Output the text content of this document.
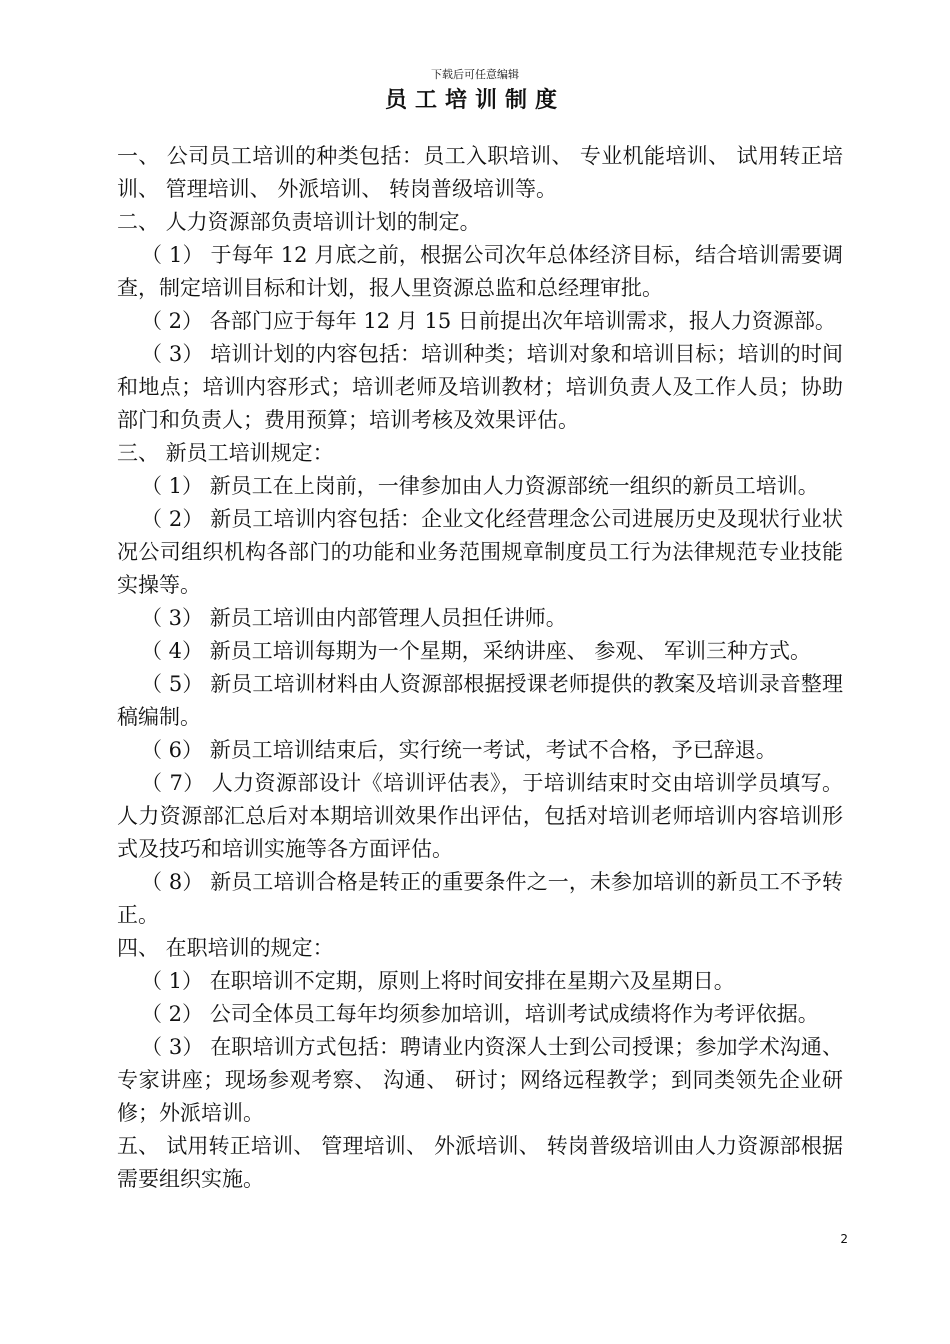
下载后可任意编辑
员工培训制度

一、 公司员工培训的种类包括：员工入职培训、 专业机能培训、 试用转正培训、 管理培训、 外派培训、 转岗普级培训等。

二、 人力资源部负责培训计划的制定。

（ 1） 于每年 12 月底之前，根据公司次年总体经济目标，结合培训需要调查，制定培训目标和计划，报人里资源总监和总经理审批。

（ 2） 各部门应于每年 12 月 15 日前提出次年培训需求，报人力资源部。

（ 3） 培训计划的内容包括：培训种类；培训对象和培训目标；培训的时间和地点；培训内容形式；培训老师及培训教材；培训负责人及工作人员；协助部门和负责人；费用预算；培训考核及效果评估。

三、 新员工培训规定：

（ 1） 新员工在上岗前，一律参加由人力资源部统一组织的新员工培训。

（ 2） 新员工培训内容包括：企业文化经营理念公司进展历史及现状行业状况公司组织机构各部门的功能和业务范围规章制度员工行为法律规范专业技能实操等。

（ 3） 新员工培训由内部管理人员担任讲师。

（ 4） 新员工培训每期为一个星期，采纳讲座、 参观、 军训三种方式。

（ 5） 新员工培训材料由人资源部根据授课老师提供的教案及培训录音整理稿编制。

（ 6） 新员工培训结束后，实行统一考试，考试不合格，予已辞退。

（ 7） 人力资源部设计《培训评估表》，于培训结束时交由培训学员填写。人力资源部汇总后对本期培训效果作出评估，包括对培训老师培训内容培训形式及技巧和培训实施等各方面评估。

（ 8） 新员工培训合格是转正的重要条件之一，未参加培训的新员工不予转正。

四、 在职培训的规定：

（ 1） 在职培训不定期，原则上将时间安排在星期六及星期日。

（ 2） 公司全体员工每年均须参加培训，培训考试成绩将作为考评依据。

（ 3） 在职培训方式包括：聘请业内资深人士到公司授课；参加学术沟通、 专家讲座；现场参观考察、 沟通、 研讨；网络远程教学；到同类领先企业研修；外派培训。

五、 试用转正培训、 管理培训、 外派培训、 转岗普级培训由人力资源部根据需要组织实施。

2
